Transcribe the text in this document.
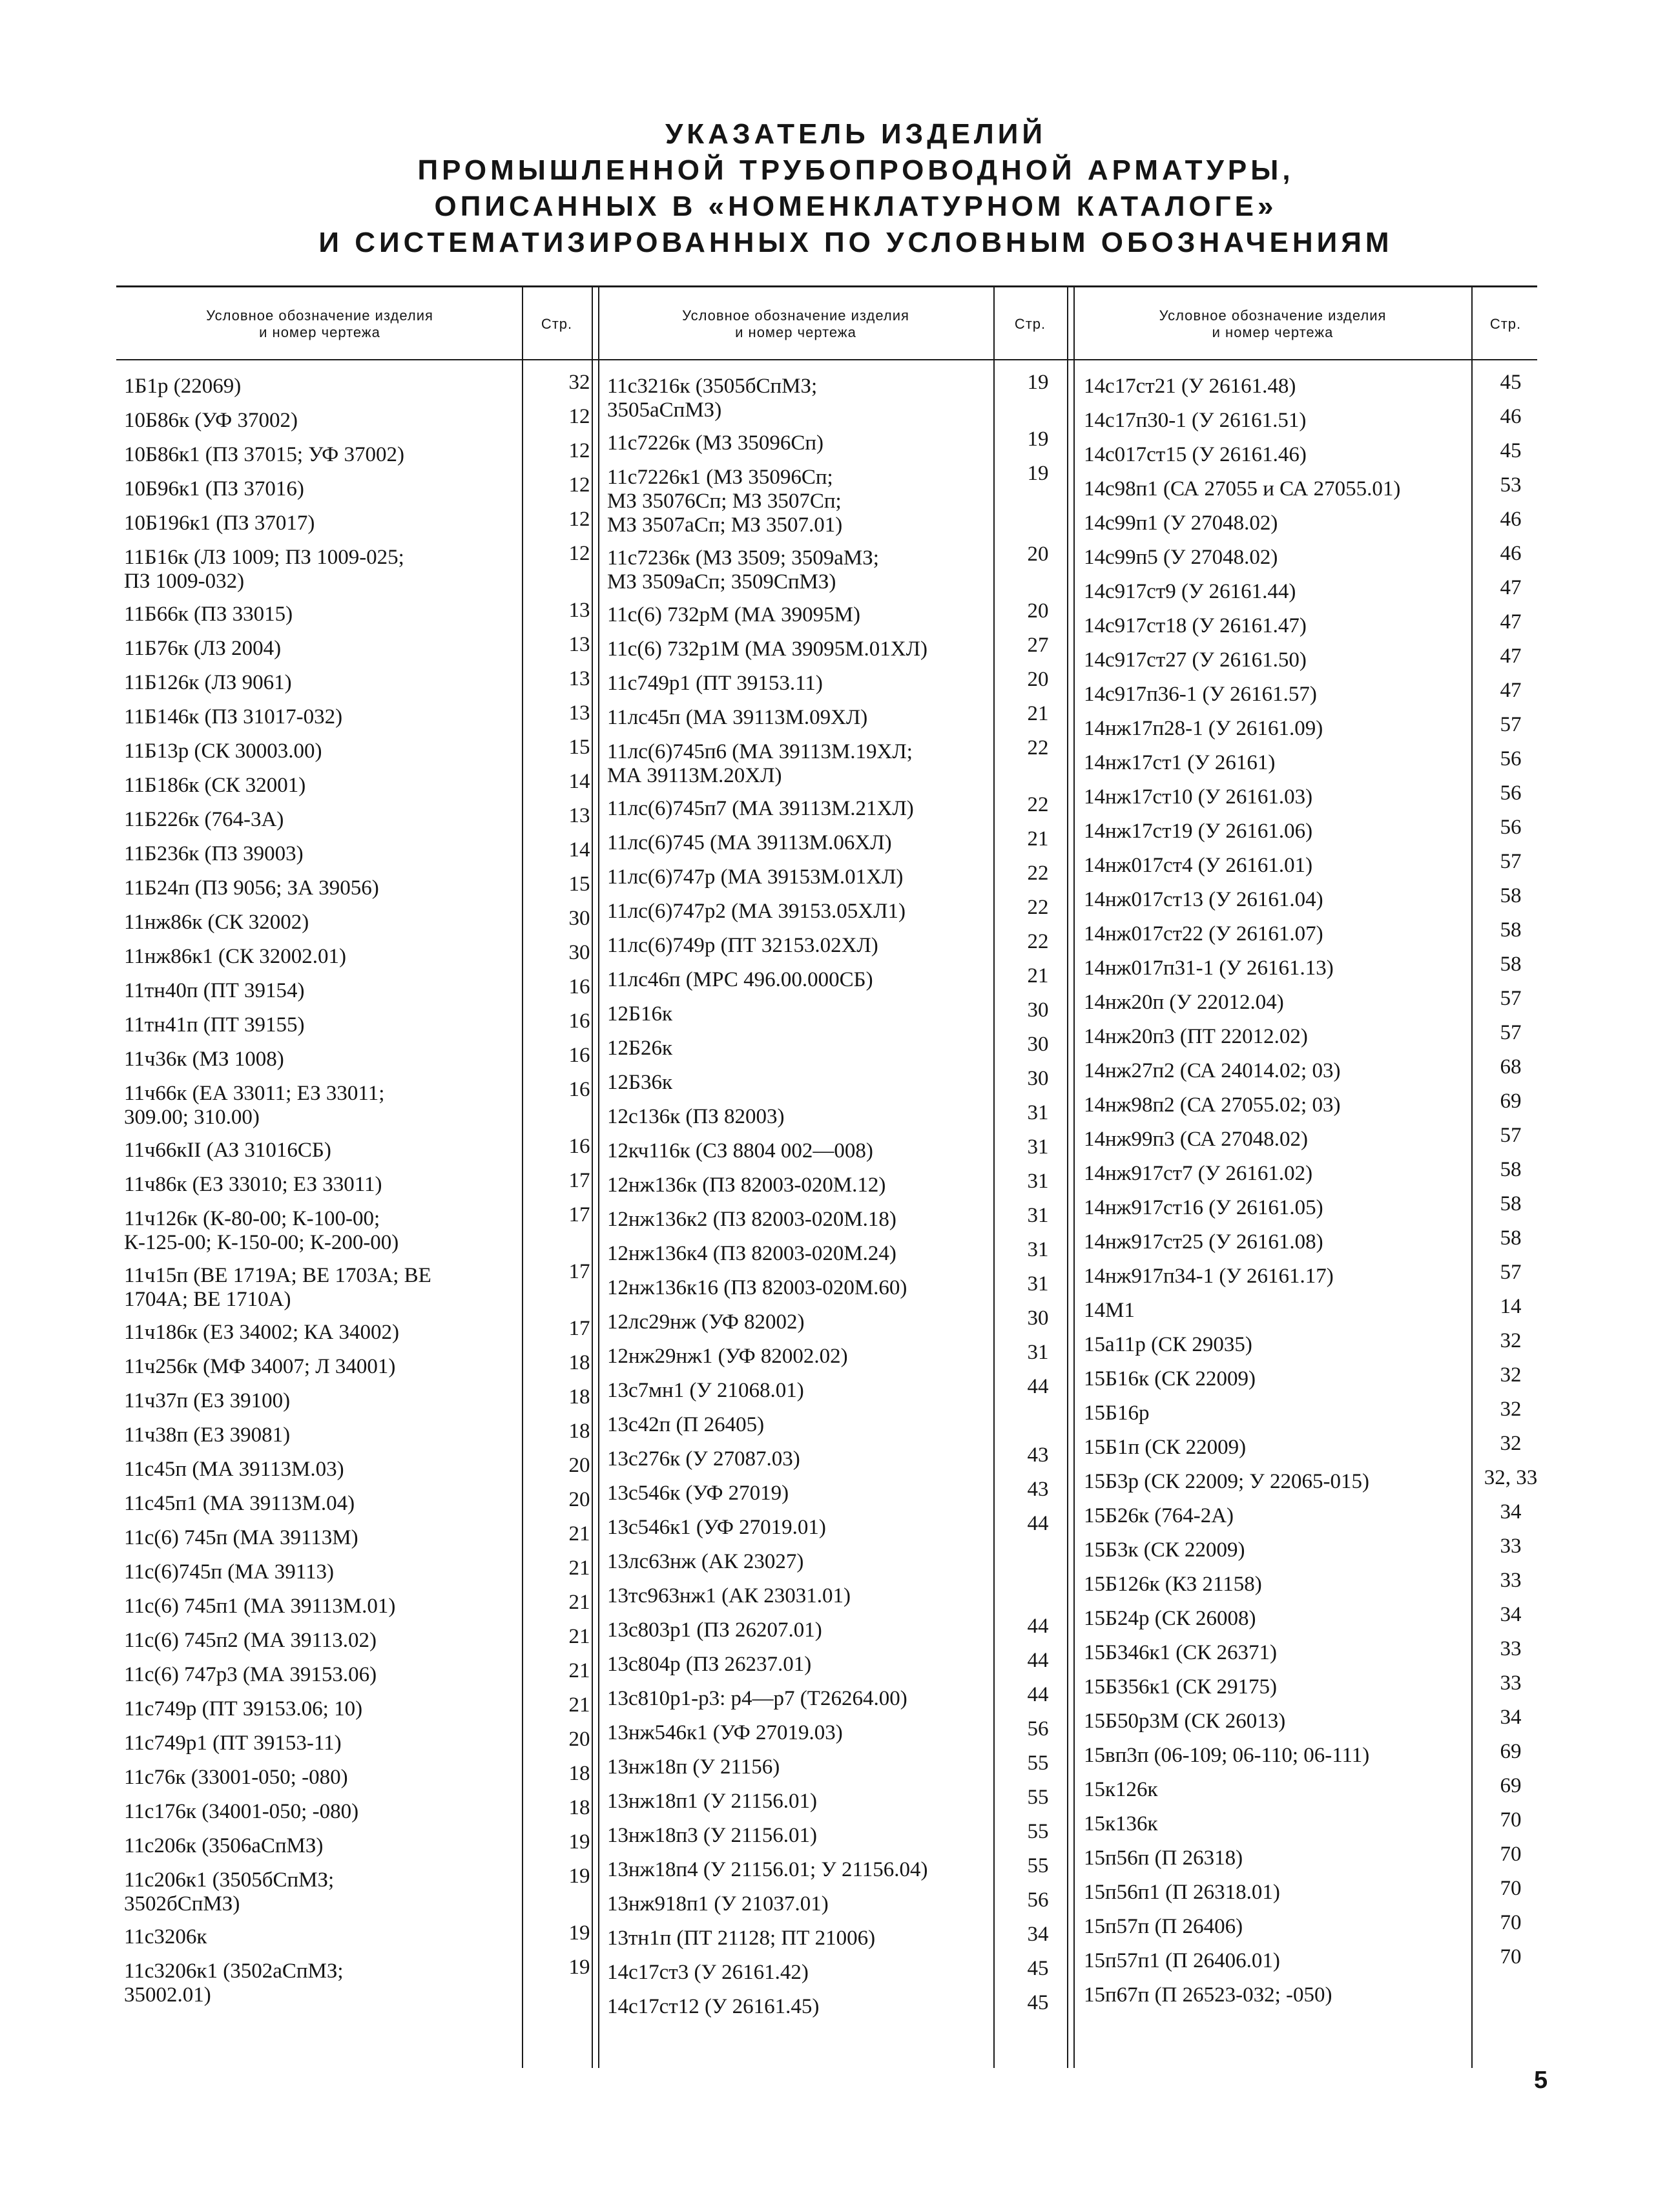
УКАЗАТЕЛЬ ИЗДЕЛИЙ
ПРОМЫШЛЕННОЙ ТРУБОПРОВОДНОЙ АРМАТУРЫ,
ОПИСАННЫХ В «НОМЕНКЛАТУРНОМ КАТАЛОГЕ»
И СИСТЕМАТИЗИРОВАННЫХ ПО УСЛОВНЫМ ОБОЗНАЧЕНИЯМ
Условное обозначение изделия
и номер чертежа
Стр.
Условное обозначение изделия
и номер чертежа
Стр.
Условное обозначение изделия
и номер чертежа
Стр.
1Б1р (22069)	32
10Б86к (УФ 37002)	12
10Б86к1 (ПЗ 37015; УФ 37002)	12
10Б96к1 (ПЗ 37016)	12
10Б196к1 (ПЗ 37017)	12
11Б16к (ЛЗ 1009; ПЗ 1009-025;
ПЗ 1009-032)
12
11Б66к (ПЗ 33015)	13
11Б76к (ЛЗ 2004)	13
11Б126к (ЛЗ 9061)	13
11Б146к (ПЗ 31017-032)	13
11Б13р (СК 30003.00)	15
11Б186к (СК 32001)	14
11Б226к (764-3А)	13
11Б236к (ПЗ 39003)	14
11Б24п (ПЗ 9056; ЗА 39056)	15
11нж86к (СК 32002)	30
11нж86к1 (СК 32002.01)	30
11тн40п (ПТ 39154)	16
11тн41п (ПТ 39155)	16
11ч36к (МЗ 1008)	16
11ч66к (ЕА 33011; ЕЗ 33011;
309.00; 310.00)
16
11ч66кII (АЗ 31016СБ)	16
11ч86к (ЕЗ 33010; ЕЗ 33011)	17
11ч126к (К-80-00; К-100-00;
К-125-00; К-150-00; К-200-00)
17
11ч15п (ВЕ 1719А; ВЕ 1703А; ВЕ
1704А; ВЕ 1710А)
17
11ч186к (ЕЗ 34002; КА 34002)	17
11ч256к (МФ 34007; Л 34001)	18
11ч37п (ЕЗ 39100)	18
11ч38п (ЕЗ 39081)	18
11с45п (МА 39113М.03)	20
11с45п1 (МА 39113М.04)	20
11с(6) 745п (МА 39113М)	21
11с(6)745п (МА 39113)	21
11с(6) 745п1 (МА 39113М.01)	21
11с(6) 745п2 (МА 39113.02)	21
11с(6) 747р3 (МА 39153.06)	21
11с749р (ПТ 39153.06; 10)	21
11с749р1 (ПТ 39153-11)	20
11с76к (33001-050; -080)	18
11с176к (34001-050; -080)	18
11с206к (3506аСпМЗ)	19
11с206к1 (3505бСпМЗ;
3502бСпМЗ)
19
11с3206к	19
11с3206к1 (3502аСпМЗ;
35002.01)
19
11с3216к (3505бСпМЗ;
3505аСпМЗ)
19
11с7226к (МЗ 35096Сп)	19
11с7226к1 (МЗ 35096Сп;
МЗ 35076Сп; МЗ 3507Сп;
МЗ 3507аСп; МЗ 3507.01)
19
11с7236к (МЗ 3509; 3509аМЗ;
МЗ 3509аСп; 3509СпМЗ)
20
11с(6) 732рМ (МА 39095М)	20
11с(6) 732р1М (МА 39095М.01ХЛ)	27
11с749р1 (ПТ 39153.11)	20
11лс45п (МА 39113М.09ХЛ)	21
11лс(6)745п6 (МА 39113М.19ХЛ;
МА 39113М.20ХЛ)
22
11лс(6)745п7 (МА 39113М.21ХЛ)	22
11лс(6)745 (МА 39113М.06ХЛ)	21
11лс(6)747р (МА 39153М.01ХЛ)	22
11лс(6)747р2 (МА 39153.05ХЛ1)	22
11лс(6)749р (ПТ 32153.02ХЛ)	22
11лс46п (МРС 496.00.000СБ)	21
12Б16к	30
12Б26к	30
12Б36к	30
12с136к (ПЗ 82003)	31
12кч116к (СЗ 8804 002—008)	31
12нж136к (ПЗ 82003-020М.12)	31
12нж136к2 (ПЗ 82003-020М.18)	31
12нж136к4 (ПЗ 82003-020М.24)	31
12нж136к16 (ПЗ 82003-020М.60)	31
12лс29нж (УФ 82002)	30
12нж29нж1 (УФ 82002.02)	31
13с7мн1 (У 21068.01)	44
13с42п (П 26405)
13с276к (У 27087.03)	43
13с546к (УФ 27019)	43
13с546к1 (УФ 27019.01)	44
13лс63нж (АК 23027)
13тс963нж1 (АК 23031.01)
13с803р1 (ПЗ 26207.01)	44
13с804р (ПЗ 26237.01)	44
13с810р1-р3: р4—р7 (Т26264.00)	44
13нж546к1 (УФ 27019.03)	56
13нж18п (У 21156)	55
13нж18п1 (У 21156.01)	55
13нж18п3 (У 21156.01)	55
13нж18п4 (У 21156.01; У 21156.04)	55
13нж918п1 (У 21037.01)	56
13тн1п (ПТ 21128; ПТ 21006)	34
14с17ст3 (У 26161.42)	45
14с17ст12 (У 26161.45)	45
14с17ст21 (У 26161.48)	45
14с17п30-1 (У 26161.51)	46
14с017ст15 (У 26161.46)	45
14с98п1 (СА 27055 и СА 27055.01)	53
14с99п1 (У 27048.02)	46
14с99п5 (У 27048.02)	46
14с917ст9 (У 26161.44)	47
14с917ст18 (У 26161.47)	47
14с917ст27 (У 26161.50)	47
14с917п36-1 (У 26161.57)	47
14нж17п28-1 (У 26161.09)	57
14нж17ст1 (У 26161)	56
14нж17ст10 (У 26161.03)	56
14нж17ст19 (У 26161.06)	56
14нж017ст4 (У 26161.01)	57
14нж017ст13 (У 26161.04)	58
14нж017ст22 (У 26161.07)	58
14нж017п31-1 (У 26161.13)	58
14нж20п (У 22012.04)	57
14нж20п3 (ПТ 22012.02)	57
14нж27п2 (СА 24014.02; 03)	68
14нж98п2 (СА 27055.02; 03)	69
14нж99п3 (СА 27048.02)	57
14нж917ст7 (У 26161.02)	58
14нж917ст16 (У 26161.05)	58
14нж917ст25 (У 26161.08)	58
14нж917п34-1 (У 26161.17)	57
14М1	14
15а11р (СК 29035)	32
15Б16к (СК 22009)	32
15Б16р	32
15Б1п (СК 22009)	32
15Б3р (СК 22009; У 22065-015)	32, 33
15Б26к (764-2А)	34
15Б3к (СК 22009)	33
15Б126к (КЗ 21158)	33
15Б24р (СК 26008)	34
15Б346к1 (СК 26371)	33
15Б356к1 (СК 29175)	33
15Б50р3М (СК 26013)	34
15вп3п (06-109; 06-110; 06-111)	69
15к126к	69
15к136к	70
15п56п (П 26318)	70
15п56п1 (П 26318.01)	70
15п57п (П 26406)	70
15п57п1 (П 26406.01)	70
15п67п (П 26523-032; -050)
5
